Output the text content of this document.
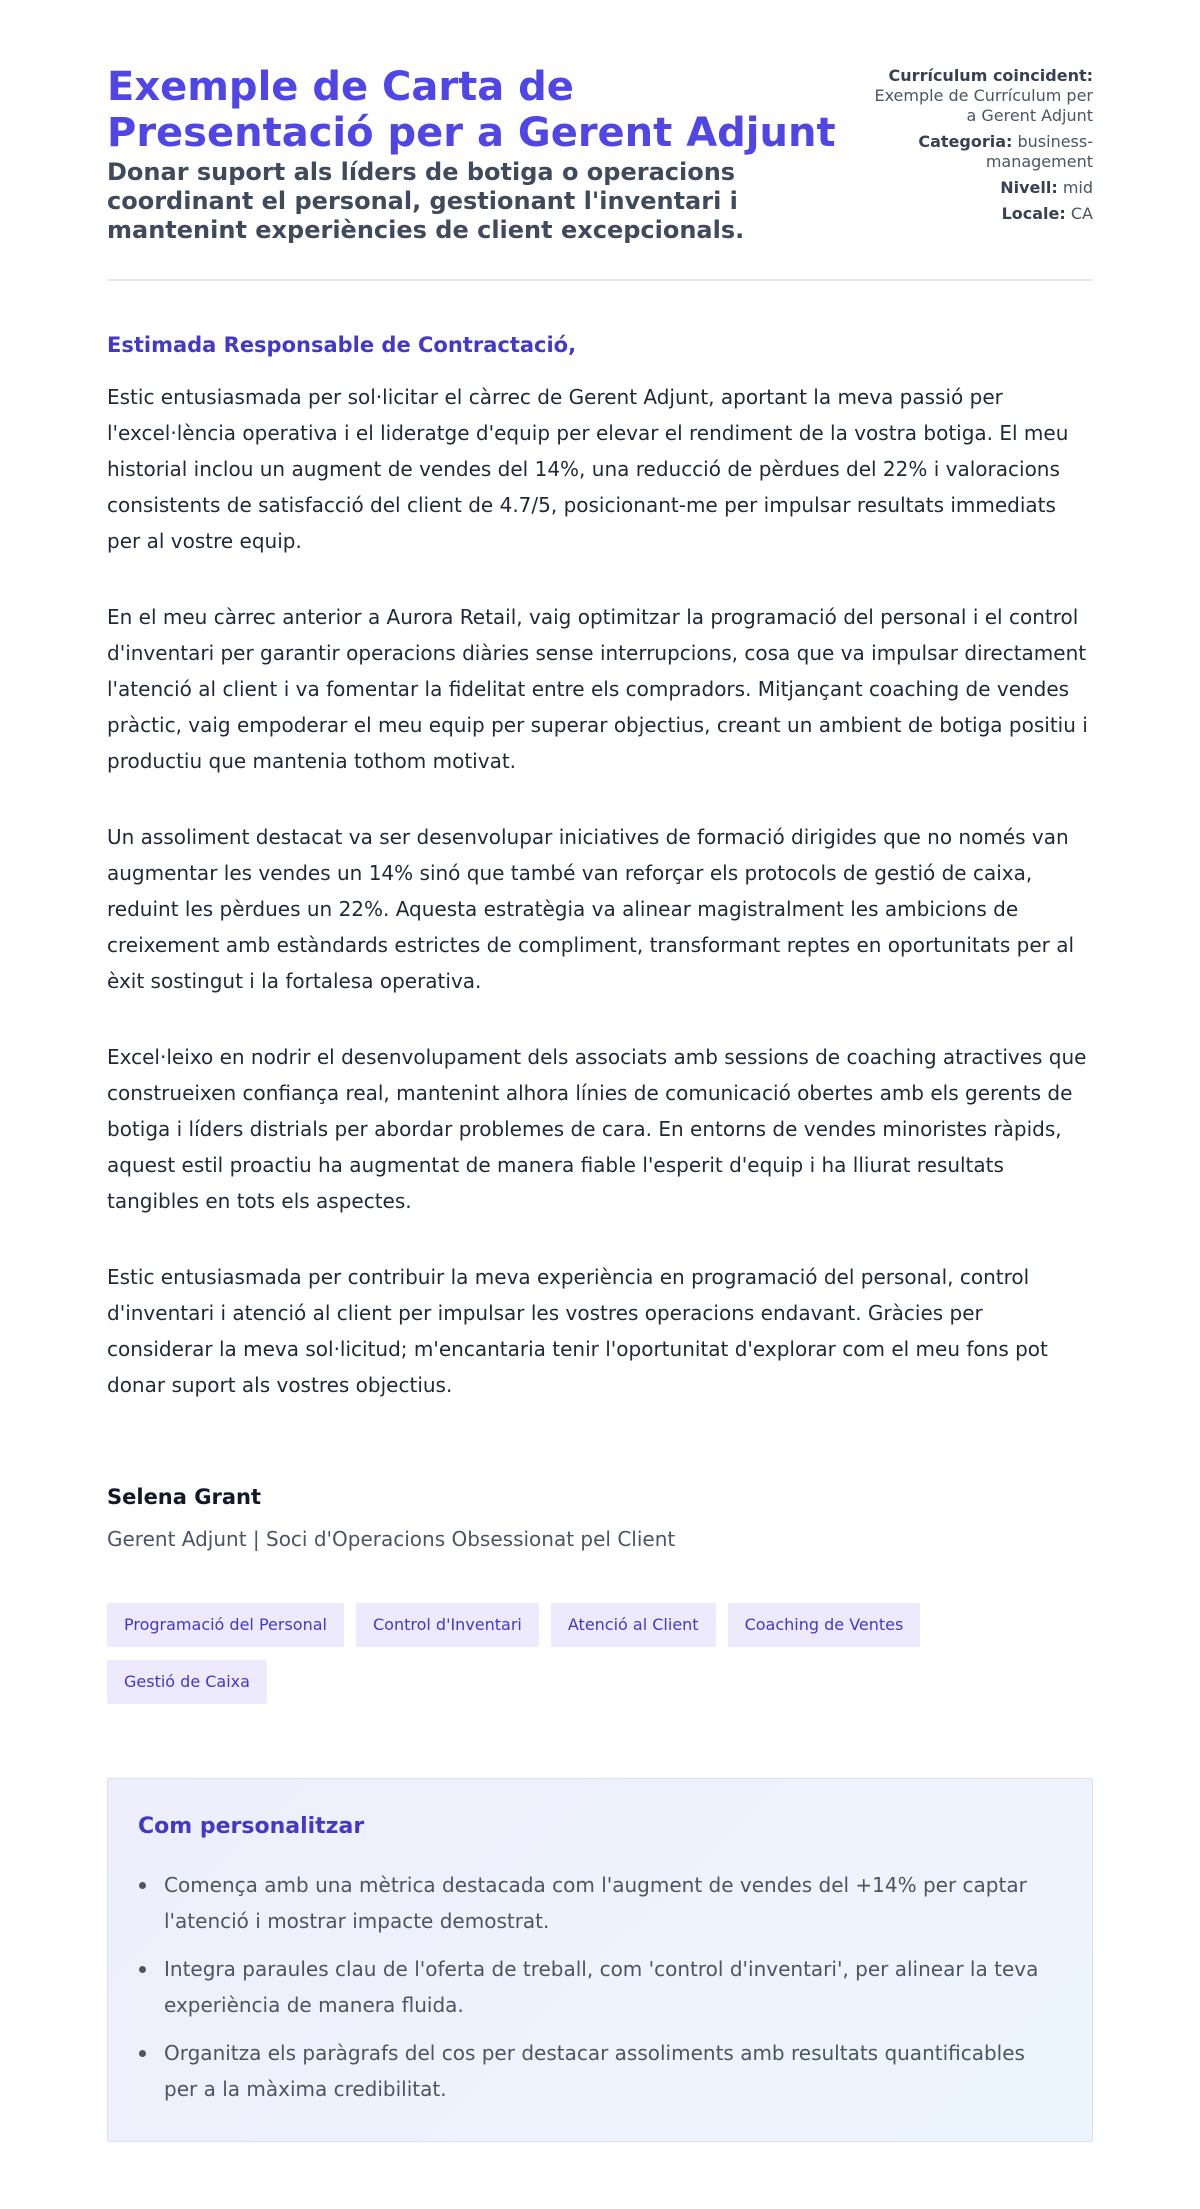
Exemple de Carta de Presentació per a Gerent Adjunt
Donar suport als líders de botiga o operacions coordinant el personal, gestionant l'inventari i mantenint experiències de client excepcionals.
Currículum coincident: Exemple de Currículum per a Gerent Adjunt
Categoria: business-management
Nivell: mid
Locale: CA
Estimada Responsable de Contractació,

Estic entusiasmada per sol·licitar el càrrec de Gerent Adjunt, aportant la meva passió per l'excel·lència operativa i el lideratge d'equip per elevar el rendiment de la vostra botiga. El meu historial inclou un augment de vendes del 14%, una reducció de pèrdues del 22% i valoracions consistents de satisfacció del client de 4.7/5, posicionant-me per impulsar resultats immediats per al vostre equip.

En el meu càrrec anterior a Aurora Retail, vaig optimitzar la programació del personal i el control d'inventari per garantir operacions diàries sense interrupcions, cosa que va impulsar directament l'atenció al client i va fomentar la fidelitat entre els compradors. Mitjançant coaching de vendes pràctic, vaig empoderar el meu equip per superar objectius, creant un ambient de botiga positiu i productiu que mantenia tothom motivat.

Un assoliment destacat va ser desenvolupar iniciatives de formació dirigides que no només van augmentar les vendes un 14% sinó que també van reforçar els protocols de gestió de caixa, reduint les pèrdues un 22%. Aquesta estratègia va alinear magistralment les ambicions de creixement amb estàndards estrictes de compliment, transformant reptes en oportunitats per al èxit sostingut i la fortalesa operativa.

Excel·leixo en nodrir el desenvolupament dels associats amb sessions de coaching atractives que construeixen confiança real, mantenint alhora línies de comunicació obertes amb els gerents de botiga i líders distrials per abordar problemes de cara. En entorns de vendes minoristes ràpids, aquest estil proactiu ha augmentat de manera fiable l'esperit d'equip i ha lliurat resultats tangibles en tots els aspectes.

Estic entusiasmada per contribuir la meva experiència en programació del personal, control d'inventari i atenció al client per impulsar les vostres operacions endavant. Gràcies per considerar la meva sol·licitud; m'encantaria tenir l'oportunitat d'explorar com el meu fons pot donar suport als vostres objectius.

Selena Grant
Gerent Adjunt | Soci d'Operacions Obsessionat pel Client
Programació del Personal	Control d'Inventari	Atenció al Client	Coaching de Ventes
Gestió de Caixa
Com personalitzar
Comença amb una mètrica destacada com l'augment de vendes del +14% per captar l'atenció i mostrar impacte demostrat.
Integra paraules clau de l'oferta de treball, com 'control d'inventari', per alinear la teva experiència de manera fluida.
Organitza els paràgrafs del cos per destacar assoliments amb resultats quantificables per a la màxima credibilitat.
